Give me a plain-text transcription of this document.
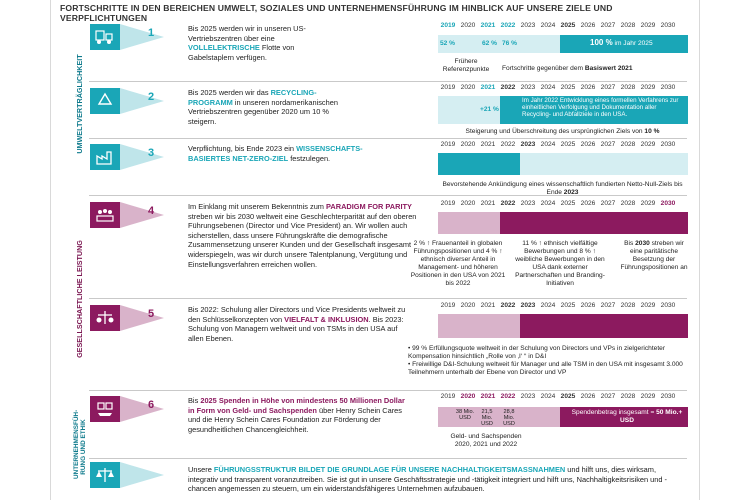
FORTSCHRITTE IN DEN BEREICHEN UMWELT, SOZIALES UND UNTERNEHMENSFÜHRUNG IM HINBLICK AUF UNSERE ZIELE UND VERPFLICHTUNGEN
UMWELTVERTRÄGLICHKEIT
GESELLSCHAFTLICHE LEISTUNG
UNTERNEHMENSFÜH-RUNG UND ETHIK
1	Bis 2025 werden wir in unseren US-Vertriebszentren über eine VOLLELEKTRISCHE Flotte von Gabelstaplern verfügen.
2019 2020 2021 2022 2023 2024 2025 2026 2027 2028 2029 2030
52 %	62 % 76 %	100 % im Jahr 2025
Frühere Referenzpunkte	Fortschritte gegenüber dem Basiswert 2021
2	Bis 2025 werden wir das RECYCLING-PROGRAMM in unseren nordamerikanischen Vertriebszentren gegenüber 2020 um 10 % steigern.
2019 2020 2021 2022 2023 2024 2025 2026 2027 2028 2029 2030
+21 %
Im Jahr 2022 Entwicklung eines formellen Verfahrens zur einheitlichen Verfolgung und Dokumentation aller Recycling- und Abfallziele in den USA.
Steigerung und Überschreitung des ursprünglichen Ziels von 10 %
3	Verpflichtung, bis Ende 2023 ein WISSENSCHAFTS-BASIERTES NET-ZERO-ZIEL festzulegen.
2019 2020 2021 2022 2023 2024 2025 2026 2027 2028 2029 2030
Bevorstehende Ankündigung eines wissenschaftlich fundierten Netto-Null-Ziels bis Ende 2023
4	Im Einklang mit unserem Bekenntnis zum PARADIGM FOR PARITY streben wir bis 2030 weltweit eine Geschlechterparität auf den oberen Führungsebenen (Director und Vice President) an. Wir wollen auch sicherstellen, dass unsere Führungskräfte die demografische Zusammensetzung unserer Kunden und der Gesellschaft insgesamt widerspiegeln, was wir durch unsere Talentplanung, Vergütung und Einstellungsverfahren erreichen wollen.
2019 2020 2021 2022 2023 2024 2025 2026 2027 2028 2029 2030
2 % ↑ Frauenanteil in globalen Führungspositionen und 4 % ↑ ethnisch diverser Anteil in Management- und höheren Positionen in den USA von 2021 bis 2022
11 % ↑ ethnisch vielfältige Bewerbungen und 8 % ↑ weibliche Bewerbungen in den USA dank externer Partnerschaften und Branding-Initiativen
Bis 2030 streben wir eine paritätische Besetzung der Führungspositionen an
5	Bis 2022: Schulung aller Directors und Vice Presidents weltweit zu den Schlüsselkonzepten von VIELFALT & INKLUSION. Bis 2023: Schulung von Managern weltweit und von TSMs in den USA auf allen Ebenen.
2019 2020 2021 2022 2023 2024 2025 2026 2027 2028 2029 2030
• 99 % Erfüllungsquote weltweit in der Schulung von Directors und VPs in zielgerichteter Kompensation hinsichtlich „Rolle von ‚I‘ “ in D&I
• Freiwillige D&I-Schulung weltweit für Manager und alle TSM in den USA mit insgesamt 3.000 Teilnehmern unterhalb der Ebene von Director und VP
6	Bis 2025 Spenden in Höhe von mindestens 50 Millionen Dollar in Form von Geld- und Sachspenden über Henry Schein Cares und die Henry Schein Cares Foundation zur Förderung der gesundheitlichen Chancengleichheit.
2019 2020 2021 2022 2023 2024 2025 2026 2027 2028 2029 2030
38 Mio. USD
21,5 Mio. USD
28,8 Mio. USD
Spendenbetrag insgesamt = 50 Mio.+ USD
Geld- und Sachspenden 2020, 2021 und 2022
Unsere FÜHRUNGSSTRUKTUR BILDET DIE GRUNDLAGE FÜR UNSERE NACHHALTIGKEITSMASSNAHMEN und hilft uns, dies wirksam, integrativ und transparent voranzutreiben. Sie ist gut in unsere Geschäftsstrategie und -tätigkeit integriert und hilft uns, Nachhaltigkeitsrisiken und -chancen angemessen zu steuern, um ein widerstandsfähigeres Unternehmen aufzubauen.
